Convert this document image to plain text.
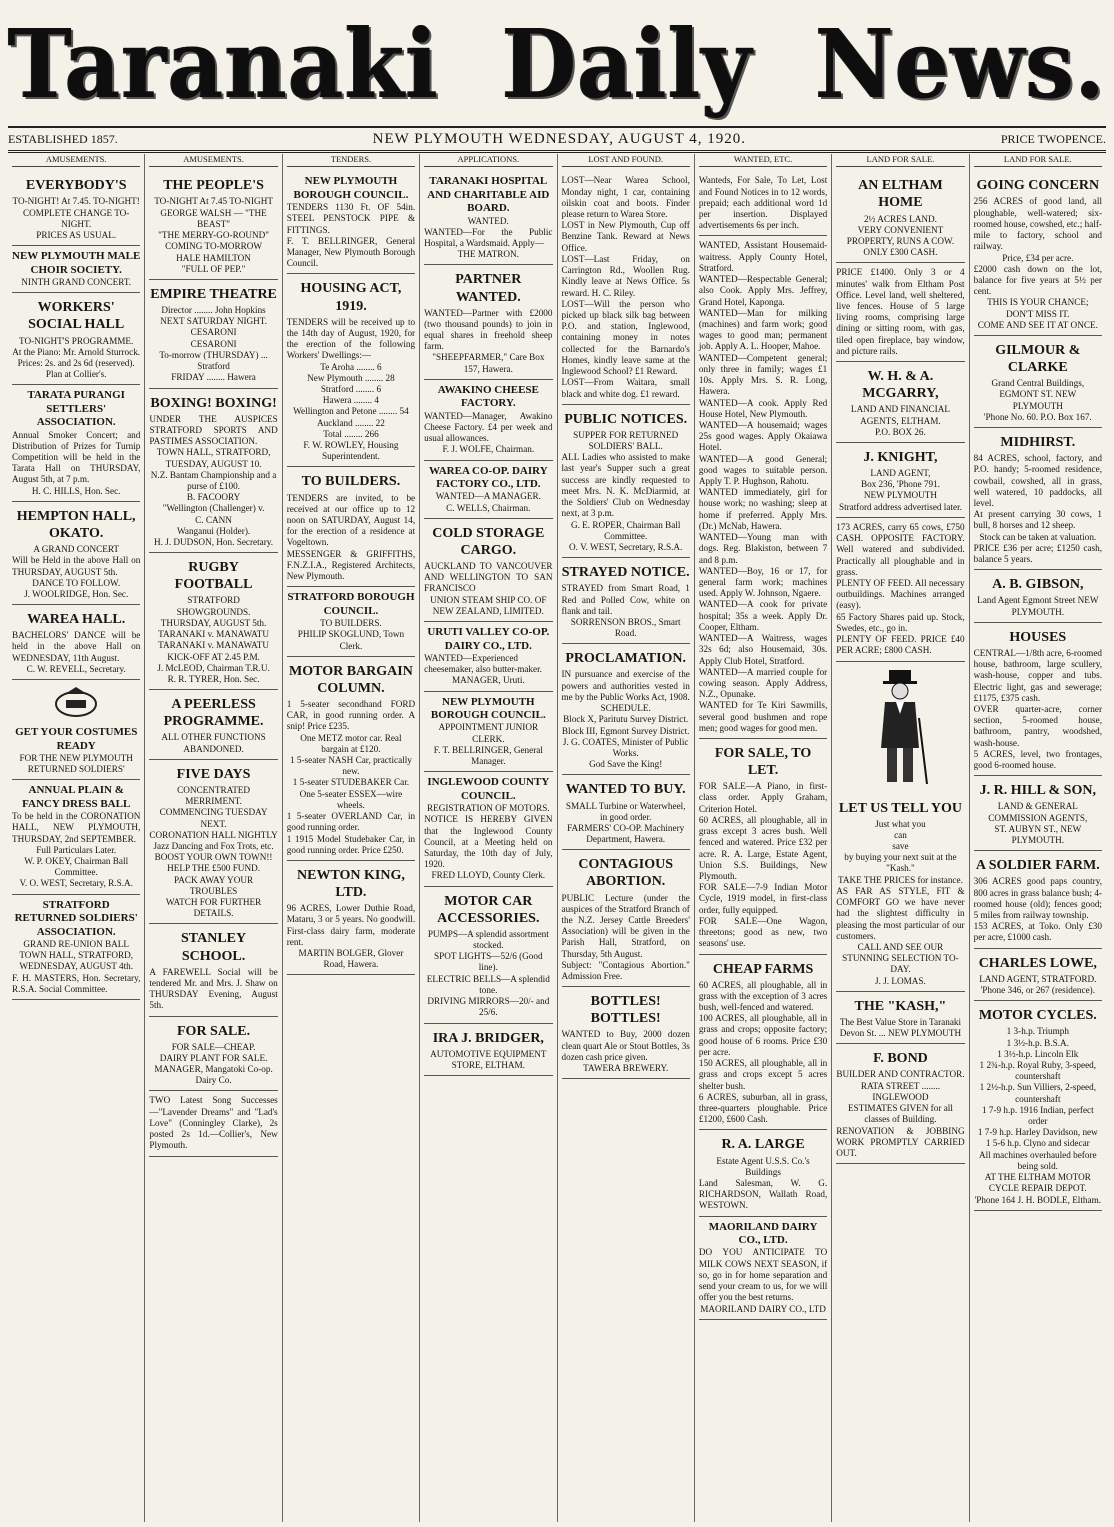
Taranaki Daily News.
ESTABLISHED 1857.	NEW PLYMOUTH WEDNESDAY, AUGUST 4, 1920.	PRICE TWOPENCE.
AMUSEMENTS.
EVERYBODY'S
TO-NIGHT! At 7.45. TO-NIGHT!
COMPLETE CHANGE TO-NIGHT.
PRICES AS USUAL.
NEW PLYMOUTH MALE CHOIR SOCIETY.
NINTH GRAND CONCERT.
WORKERS' SOCIAL HALL
TO-NIGHT'S PROGRAMME.
At the Piano: Mr. Arnold Sturrock.
Prices: 2s. and 2s 6d (reserved).
Plan at Collier's.
TARATA PURANGI SETTLERS' ASSOCIATION.
Annual Smoker Concert; and Distribution of Prizes for Turnip Competition will be held in the Tarata Hall on THURSDAY, August 5th, at 7 p.m.
H. C. HILLS, Hon. Sec.
HEMPTON HALL, OKATO.
A GRAND CONCERT
Will be Held in the above Hall on THURSDAY, AUGUST 5th.
DANCE TO FOLLOW.
J. WOOLRIDGE, Hon. Sec.
WAREA HALL.
BACHELORS' DANCE will be held in the above Hall on WEDNESDAY, 11th August.
C. W. REVELL, Secretary.
GET YOUR COSTUMES READY
FOR THE NEW PLYMOUTH RETURNED SOLDIERS'
ANNUAL PLAIN & FANCY DRESS BALL
To be held in the CORONATION HALL, NEW PLYMOUTH, THURSDAY, 2nd SEPTEMBER.
Full Particulars Later.
W. P. OKEY, Chairman Ball Committee.
V. O. WEST, Secretary, R.S.A.
STRATFORD RETURNED SOLDIERS' ASSOCIATION.
GRAND RE-UNION BALL
TOWN HALL, STRATFORD,
WEDNESDAY, AUGUST 4th.
F. H. MASTERS, Hon. Secretary, R.S.A. Social Committee.
AMUSEMENTS.
THE PEOPLE'S
TO-NIGHT At 7.45 TO-NIGHT
GEORGE WALSH — "THE BEAST"
"THE MERRY-GO-ROUND"
COMING TO-MORROW
HALE HAMILTON
"FULL OF PEP."
EMPIRE THEATRE
Director ........ John Hopkins
NEXT SATURDAY NIGHT.
CESARONI
CESARONI
To-morrow (THURSDAY) ... Stratford
FRIDAY ........ Hawera
BOXING! BOXING!
UNDER THE AUSPICES STRATFORD SPORTS AND PASTIMES ASSOCIATION.
TOWN HALL, STRATFORD, TUESDAY, AUGUST 10.
N.Z. Bantam Championship and a purse of £100.
B. FACOORY
"Wellington (Challenger) v.
C. CANN
Wanganui (Holder).
H. J. DUDSON, Hon. Secretary.
RUGBY FOOTBALL
STRATFORD SHOWGROUNDS.
THURSDAY, AUGUST 5th.
TARANAKI v. MANAWATU
TARANAKI v. MANAWATU
KICK-OFF AT 2.45 P.M.
J. McLEOD, Chairman T.R.U.
R. R. TYRER, Hon. Sec.
A PEERLESS PROGRAMME.
ALL OTHER FUNCTIONS ABANDONED.
FIVE DAYS
CONCENTRATED MERRIMENT.
COMMENCING TUESDAY NEXT.
CORONATION HALL NIGHTLY
Jazz Dancing and Fox Trots, etc.
BOOST YOUR OWN TOWN!!
HELP THE £500 FUND.
PACK AWAY YOUR TROUBLES
WATCH FOR FURTHER DETAILS.
STANLEY SCHOOL.
A FAREWELL Social will be tendered Mr. and Mrs. J. Shaw on THURSDAY Evening, August 5th.
FOR SALE.
FOR SALE—CHEAP.
DAIRY PLANT FOR SALE.
MANAGER, Mangatoki Co-op. Dairy Co.
TWO Latest Song Successes—"Lavender Dreams" and "Lad's Love" (Conningley Clarke), 2s posted 2s 1d.—Collier's, New Plymouth.
TENDERS.
NEW PLYMOUTH BOROUGH COUNCIL.
TENDERS 1130 Ft. OF 54in. STEEL PENSTOCK PIPE & FITTINGS.
F. T. BELLRINGER, General Manager, New Plymouth Borough Council.
HOUSING ACT, 1919.
TENDERS will be received up to the 14th day of August, 1920, for the erection of the following Workers' Dwellings:—
Te Aroha ........ 6
New Plymouth ........ 28
Stratford ........ 6
Hawera ........ 4
Wellington and Petone ........ 54
Auckland ........ 22
Total ........ 266
F. W. ROWLEY, Housing Superintendent.
TO BUILDERS.
TENDERS are invited, to be received at our office up to 12 noon on SATURDAY, August 14, for the erection of a residence at Vogeltown.
MESSENGER & GRIFFITHS, F.N.Z.I.A., Registered Architects, New Plymouth.
STRATFORD BOROUGH COUNCIL.
TO BUILDERS.
PHILIP SKOGLUND, Town Clerk.
MOTOR BARGAIN COLUMN.
1 5-seater secondhand FORD CAR, in good running order. A snip! Price £235.
One METZ motor car. Real bargain at £120.
1 5-seater NASH Car, practically new.
1 5-seater STUDEBAKER Car.
One 5-seater ESSEX—wire wheels.
1 5-seater OVERLAND Car, in good running order.
1 1915 Model Studebaker Car, in good running order. Price £250.
NEWTON KING, LTD.
96 ACRES, Lower Duthie Road, Mataru, 3 or 5 years. No goodwill. First-class dairy farm, moderate rent.
MARTIN BOLGER, Glover Road, Hawera.
APPLICATIONS.
TARANAKI HOSPITAL AND CHARITABLE AID BOARD.
WANTED.
WANTED—For the Public Hospital, a Wardsmaid. Apply—
THE MATRON.
PARTNER WANTED.
WANTED—Partner with £2000 (two thousand pounds) to join in equal shares in freehold sheep farm.
"SHEEPFARMER," Care Box 157, Hawera.
AWAKINO CHEESE FACTORY.
WANTED—Manager, Awakino Cheese Factory. £4 per week and usual allowances.
F. J. WOLFE, Chairman.
WAREA CO-OP. DAIRY FACTORY CO., LTD.
WANTED—A MANAGER.
C. WELLS, Chairman.
COLD STORAGE CARGO.
AUCKLAND TO VANCOUVER AND WELLINGTON TO SAN FRANCISCO
UNION STEAM SHIP CO. OF NEW ZEALAND, LIMITED.
URUTI VALLEY CO-OP. DAIRY CO., LTD.
WANTED—Experienced cheesemaker, also butter-maker.
MANAGER, Uruti.
NEW PLYMOUTH BOROUGH COUNCIL.
APPOINTMENT JUNIOR CLERK.
F. T. BELLRINGER, General Manager.
INGLEWOOD COUNTY COUNCIL.
REGISTRATION OF MOTORS.
NOTICE IS HEREBY GIVEN that the Inglewood County Council, at a Meeting held on Saturday, the 10th day of July, 1920.
FRED LLOYD, County Clerk.
MOTOR CAR ACCESSORIES.
PUMPS—A splendid assortment stocked.
SPOT LIGHTS—52/6 (Good line).
ELECTRIC BELLS—A splendid tone.
DRIVING MIRRORS—20/- and 25/6.
IRA J. BRIDGER,
AUTOMOTIVE EQUIPMENT STORE, ELTHAM.
LOST AND FOUND.
LOST—Near Warea School, Monday night, 1 car, containing oilskin coat and boots. Finder please return to Warea Store.
LOST in New Plymouth, Cup off Benzine Tank. Reward at News Office.
LOST—Last Friday, on Carrington Rd., Woollen Rug. Kindly leave at News Office. 5s reward. H. C. Riley.
LOST—Will the person who picked up black silk bag between P.O. and station, Inglewood, containing money in notes collected for the Barnardo's Homes, kindly leave same at the Inglewood School? £1 Reward.
LOST—From Waitara, small black and white dog. £1 reward.
PUBLIC NOTICES.
SUPPER FOR RETURNED SOLDIERS' BALL.
ALL Ladies who assisted to make last year's Supper such a great success are kindly requested to meet Mrs. N. K. McDiarmid, at the Soldiers' Club on Wednesday next, at 3 p.m.
G. E. ROPER, Chairman Ball Committee.
O. V. WEST, Secretary, R.S.A.
STRAYED NOTICE.
STRAYED from Smart Road, 1 Red and Polled Cow, white on flank and tail.
SORRENSON BROS., Smart Road.
PROCLAMATION.
IN pursuance and exercise of the powers and authorities vested in me by the Public Works Act, 1908.
SCHEDULE.
Block X, Paritutu Survey District.
Block III, Egmont Survey District.
J. G. COATES, Minister of Public Works.
God Save the King!
WANTED TO BUY.
SMALL Turbine or Waterwheel, in good order.
FARMERS' CO-OP. Machinery Department, Hawera.
CONTAGIOUS ABORTION.
PUBLIC Lecture (under the auspices of the Stratford Branch of the N.Z. Jersey Cattle Breeders' Association) will be given in the Parish Hall, Stratford, on Thursday, 5th August.
Subject: "Contagious Abortion." Admission Free.
BOTTLES! BOTTLES!
WANTED to Buy, 2000 dozen clean quart Ale or Stout Bottles, 3s dozen cash price given.
TAWERA BREWERY.
WANTED, ETC.
Wanteds, For Sale, To Let, Lost and Found Notices in to 12 words, prepaid; each additional word 1d per insertion. Displayed advertisements 6s per inch.
WANTED, Assistant Housemaid-waitress. Apply County Hotel, Stratford.
WANTED—Respectable General; also Cook. Apply Mrs. Jeffrey, Grand Hotel, Kaponga.
WANTED—Man for milking (machines) and farm work; good wages to good man; permanent job. Apply A. L. Hooper, Mahoe.
WANTED—Competent general; only three in family; wages £1 10s. Apply Mrs. S. R. Long, Hawera.
WANTED—A cook. Apply Red House Hotel, New Plymouth.
WANTED—A housemaid; wages 25s good wages. Apply Okaiawa Hotel.
WANTED—A good General; good wages to suitable person. Apply T. P. Hughson, Rahotu.
WANTED immediately, girl for house work; no washing; sleep at home if preferred. Apply Mrs. (Dr.) McNab, Hawera.
WANTED—Young man with dogs. Reg. Blakiston, between 7 and 8 p.m.
WANTED—Boy, 16 or 17, for general farm work; machines used. Apply W. Johnson, Ngaere.
WANTED—A cook for private hospital; 35s a week. Apply Dr. Cooper, Eltham.
WANTED—A Waitress, wages 32s 6d; also Housemaid, 30s. Apply Club Hotel, Stratford.
WANTED—A married couple for cowing season. Apply Address, N.Z., Opunake.
WANTED for Te Kiri Sawmills, several good bushmen and rope men; good wages for good men.
FOR SALE, TO LET.
FOR SALE—A Piano, in first-class order. Apply Graham, Criterion Hotel.
60 ACRES, all ploughable, all in grass except 3 acres bush. Well fenced and watered. Price £32 per acre. R. A. Large, Estate Agent, Union S.S. Buildings, New Plymouth.
FOR SALE—7-9 Indian Motor Cycle, 1919 model, in first-class order, fully equipped.
FOR SALE—One Wagon, threetons; good as new, two seasons' use.
CHEAP FARMS
60 ACRES, all ploughable, all in grass with the exception of 3 acres bush, well-fenced and watered.
100 ACRES, all ploughable, all in grass and crops; opposite factory; good house of 6 rooms. Price £30 per acre.
150 ACRES, all ploughable, all in grass and crops except 5 acres shelter bush.
6 ACRES, suburban, all in grass, three-quarters ploughable. Price £1200, £600 Cash.
R. A. LARGE
Estate Agent U.S.S. Co.'s Buildings
Land Salesman, W. G. RICHARDSON, Wallath Road, WESTOWN.
MAORILAND DAIRY CO., LTD.
DO YOU ANTICIPATE TO MILK COWS NEXT SEASON, if so, go in for home separation and send your cream to us, for we will offer you the best returns.
MAORILAND DAIRY CO., LTD
LAND FOR SALE.
AN ELTHAM HOME
2½ ACRES LAND.
VERY CONVENIENT PROPERTY, RUNS A COW.
ONLY £300 CASH.
PRICE £1400. Only 3 or 4 minutes' walk from Eltham Post Office. Level land, well sheltered, live fences. House of 5 large living rooms, comprising large dining or sitting room, with gas, tiled open fireplace, bay window, and picture rails.
W. H. & A. MCGARRY,
LAND AND FINANCIAL AGENTS, ELTHAM.
P.O. BOX 26.
J. KNIGHT,
LAND AGENT,
Box 236, 'Phone 791.
NEW PLYMOUTH
Stratford address advertised later.
173 ACRES, carry 65 cows, £750 CASH. OPPOSITE FACTORY. Well watered and subdivided. Practically all ploughable and in grass.
PLENTY OF FEED. All necessary outbuildings. Machines arranged (easy).
65 Factory Shares paid up. Stock, Swedes, etc., go in.
PLENTY OF FEED. PRICE £40 PER ACRE; £800 CASH.
LET US TELL YOU
Just what you
can
save
by buying your next suit at the "Kash."
TAKE THE PRICES for instance.
AS FAR AS STYLE, FIT & COMFORT GO we have never had the slightest difficulty in pleasing the most particular of our customers.
CALL AND SEE OUR STUNNING SELECTION TO-DAY.
J. J. LOMAS.
THE "KASH,"
The Best Value Store in Taranaki
Devon St. ... NEW PLYMOUTH
F. BOND
BUILDER AND CONTRACTOR.
RATA STREET ........ INGLEWOOD
ESTIMATES GIVEN for all classes of Building.
RENOVATION & JOBBING WORK PROMPTLY CARRIED OUT.
LAND FOR SALE.
GOING CONCERN
256 ACRES of good land, all ploughable, well-watered; six-roomed house, cowshed, etc.; half-mile to factory, school and railway.
Price, £34 per acre.
£2000 cash down on the lot, balance for five years at 5½ per cent.
THIS IS YOUR CHANCE; DON'T MISS IT.
COME AND SEE IT AT ONCE.
GILMOUR & CLARKE
Grand Central Buildings,
EGMONT ST. NEW PLYMOUTH
'Phone No. 60. P.O. Box 167.
MIDHIRST.
84 ACRES, school, factory, and P.O. handy; 5-roomed residence, cowbail, cowshed, all in grass, well watered, 10 paddocks, all level.
At present carrying 30 cows, 1 bull, 8 horses and 12 sheep.
Stock can be taken at valuation.
PRICE £36 per acre; £1250 cash, balance 5 years.
A. B. GIBSON,
Land Agent Egmont Street NEW PLYMOUTH.
HOUSES
CENTRAL—1/8th acre, 6-roomed house, bathroom, large scullery, wash-house, copper and tubs. Electric light, gas and sewerage; £1175, £375 cash.
OVER quarter-acre, corner section, 5-roomed house, bathroom, pantry, woodshed, wash-house.
5 ACRES, level, two frontages, good 6-roomed house.
J. R. HILL & SON,
LAND & GENERAL COMMISSION AGENTS,
ST. AUBYN ST., NEW PLYMOUTH.
A SOLDIER FARM.
306 ACRES good paps country, 800 acres in grass balance bush; 4-roomed house (old); fences good; 5 miles from railway township.
153 ACRES, at Toko. Only £30 per acre, £1000 cash.
CHARLES LOWE,
LAND AGENT, STRATFORD.
'Phone 346, or 267 (residence).
MOTOR CYCLES.
1 3-h.p. Triumph
1 3½-h.p. B.S.A.
1 3½-h.p. Lincoln Elk
1 2¾-h.p. Royal Ruby, 3-speed, countershaft
1 2½-h.p. Sun Villiers, 2-speed, countershaft
1 7-9 h.p. 1916 Indian, perfect order
1 7-9 h.p. Harley Davidson, new
1 5-6 h.p. Clyno and sidecar
All machines overhauled before being sold.
AT THE ELTHAM MOTOR CYCLE REPAIR DEPOT.
'Phone 164 J. H. BODLE, Eltham.
